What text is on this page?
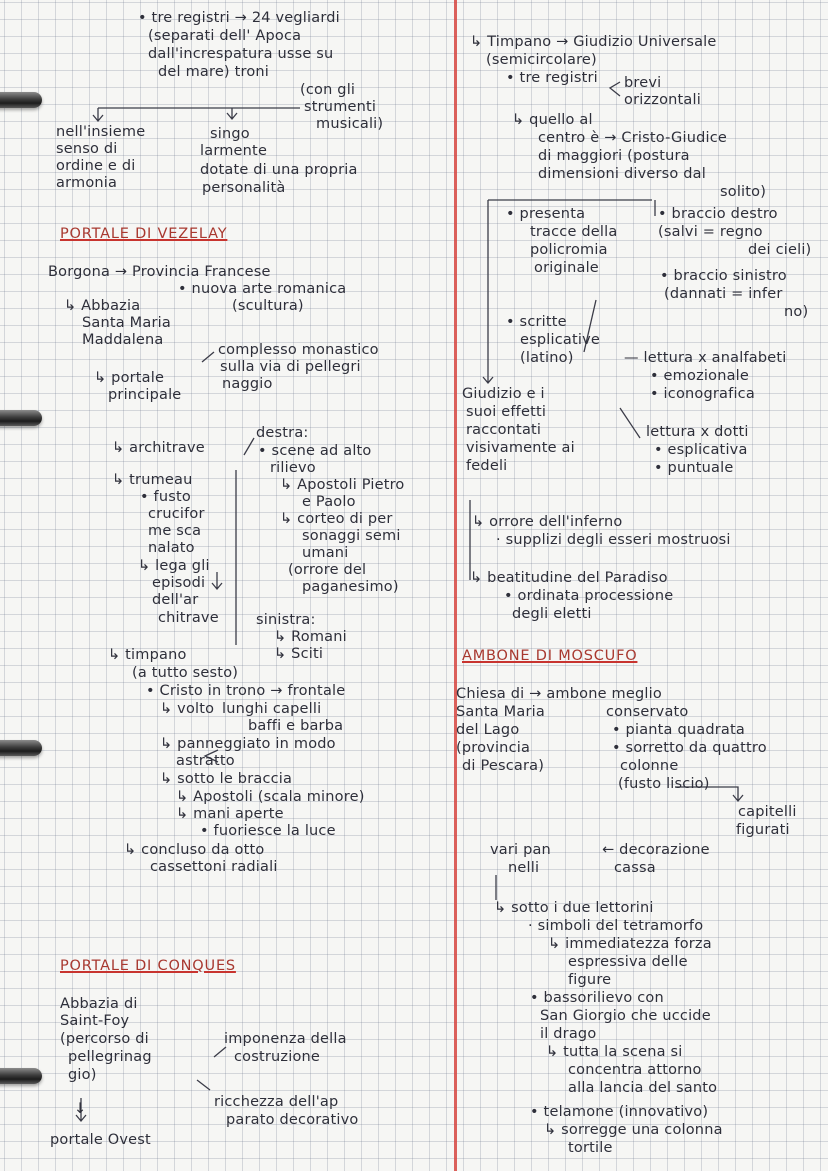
• tre registri → 24 vegliardi
(separati dell' Apoca
dall'increspatura usse su
del mare) troni
(con gli
strumenti
musicali)
nell'insieme
senso di
ordine e di
armonia
singo
larmente
dotate di una propria
personalità
PORTALE DI VEZELAY
Borgona → Provincia Francese
• nuova arte romanica
(scultura)
↳ Abbazia
Santa Maria
Maddalena
complesso monastico
sulla via di pellegri
naggio
↳ portale
principale
↳ architrave
destra:
• scene ad alto
rilievo
↳ Apostoli Pietro
e Paolo
↳ corteo di per
sonaggi semi
umani
(orrore del
paganesimo)
↳ trumeau
• fusto
crucifor
me sca
nalato
↳ lega gli
episodi
dell'ar
chitrave	sinistra:
↳ Romani
↳ Sciti
↳ timpano
(a tutto sesto)
• Cristo in trono → frontale
↳ volto lunghi capelli
baffi e barba
↳ panneggiato in modo
astratto
↳ sotto le braccia
↳ Apostoli (scala minore)
↳ mani aperte
• fuoriesce la luce
↳ concluso da otto
cassettoni radiali
PORTALE DI CONQUES
Abbazia di
Saint-Foy
(percorso di
pellegrinag
gio)
↓
portale Ovest
imponenza della
costruzione
ricchezza dell'ap
parato decorativo
↳ Timpano → Giudizio Universale
(semicircolare)
• tre registri brevi
orizzontali
↳ quello al
centro è → Cristo-Giudice
di maggiori (postura
dimensioni diverso dal
solito)
• presenta
tracce della
policromia
originale
• braccio destro
(salvi = regno
dei cieli)
• braccio sinistro
(dannati = infer
no)
• scritte
esplicative
(latino)	— lettura x analfabeti
• emozionale
• iconografica
lettura x dotti
• esplicativa
• puntuale
Giudizio e i
suoi effetti
raccontati
visivamente ai
fedeli
↳ orrore dell'inferno
· supplizi degli esseri mostruosi
↳ beatitudine del Paradiso
• ordinata processione
degli eletti
AMBONE DI MOSCUFO
Chiesa di → ambone meglio
Santa Maria	conservato
del Lago	• pianta quadrata
(provincia	• sorretto da quattro
di Pescara)	colonne
(fusto liscio)
capitelli
figurati
vari pan
nelli
← decorazione
cassa
↳ sotto i due lettorini
· simboli del tetramorfo
↳ immediatezza forza
espressiva delle
figure
• bassorilievo con
San Giorgio che uccide
il drago
↳ tutta la scena si
concentra attorno
alla lancia del santo
• telamone (innovativo)
↳ sorregge una colonna
tortile
